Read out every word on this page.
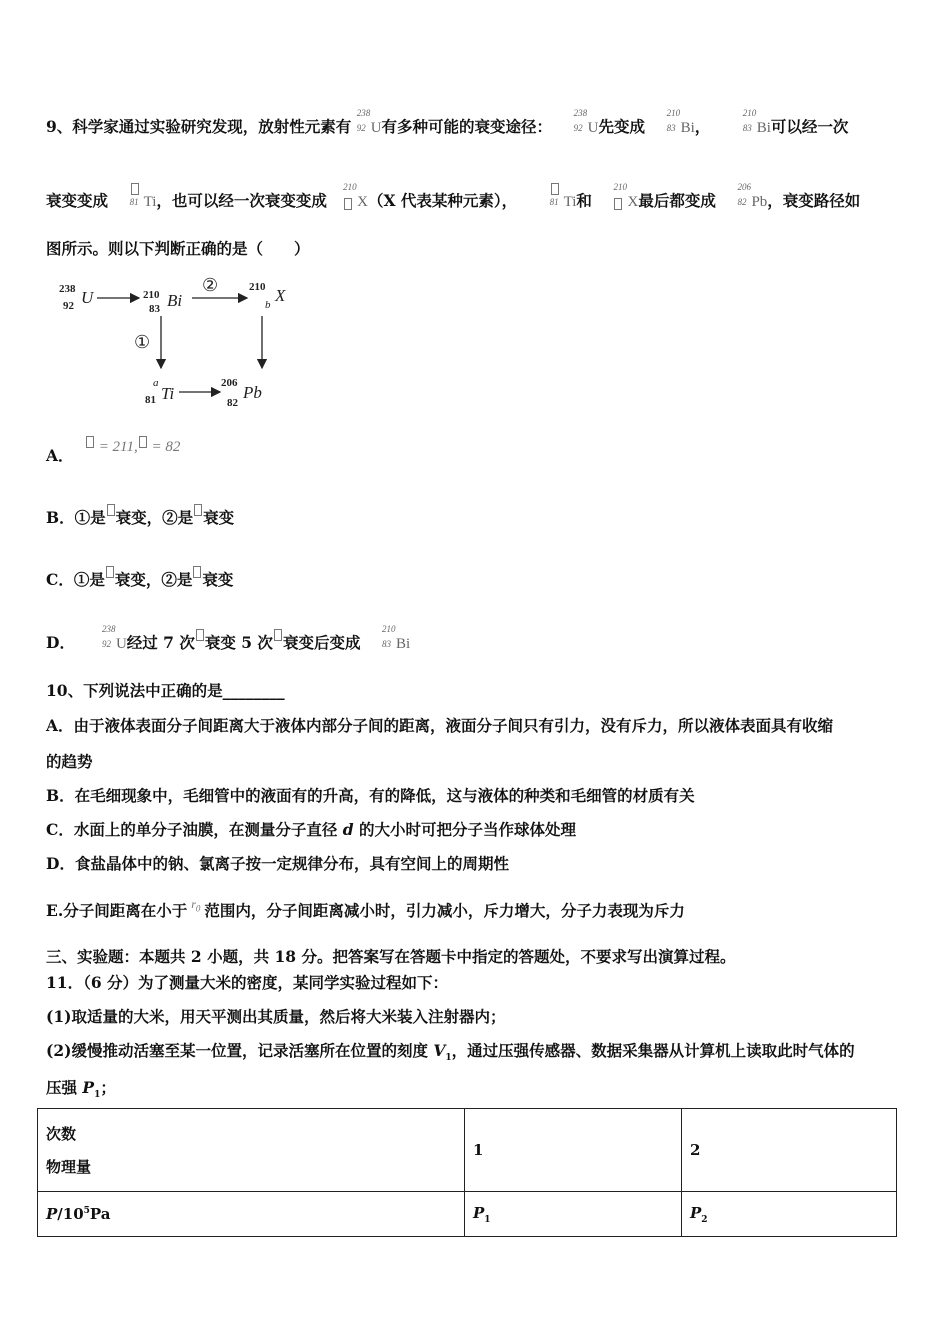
9、科学家通过实验研究发现，放射性元素有
238
92 U有多种可能的衰变途径：
238
92 U先变成
210
83 Bi，
210
83 Bi可以经一次
衰变变成 81 Ti，也可以经一次衰变变成
210
X（X 代表某种元素），	81 Ti和
210
X最后都变成
206
82 Pb，衰变路径如
图所示。则以下判断正确的是（　　）
238
92 U	210
83 Bi
②	210
b X
①
a
81 Ti
206
82
Pb
A．  = 211, = 82
B．①是 衰变，②是 衰变
C．①是 衰变，②是 衰变
D．
238
92 U经过 7 次 衰变 5 次 衰变后变成
210
83 Bi
10、下列说法中正确的是________
A．由于液体表面分子间距离大于液体内部分子间的距离，液面分子间只有引力，没有斥力，所以液体表面具有收缩
的趋势
B．在毛细现象中，毛细管中的液面有的升高，有的降低，这与液体的种类和毛细管的材质有关
C．水面上的单分子油膜，在测量分子直径 d 的大小时可把分子当作球体处理
D．食盐晶体中的钠、氯离子按一定规律分布，具有空间上的周期性
E.分子间距离在小于 $^{r_0}$ 范围内，分子间距离减小时，引力减小，斥力增大，分子力表现为斥力
三、实验题：本题共 2 小题，共 18 分。把答案写在答题卡中指定的答题处，不要求写出演算过程。
11．（6 分）为了测量大米的密度，某同学实验过程如下：
(1)取适量的大米，用天平测出其质量，然后将大米装入注射器内；
(2)缓慢推动活塞至某一位置，记录活塞所在位置的刻度 $V_1$，通过压强传感器、数据采集器从计算机上读取此时气体的
压强 $P_1$；
次数
物理量	1	2
$P/10^5Pa$	$P_1$	$P_2$
